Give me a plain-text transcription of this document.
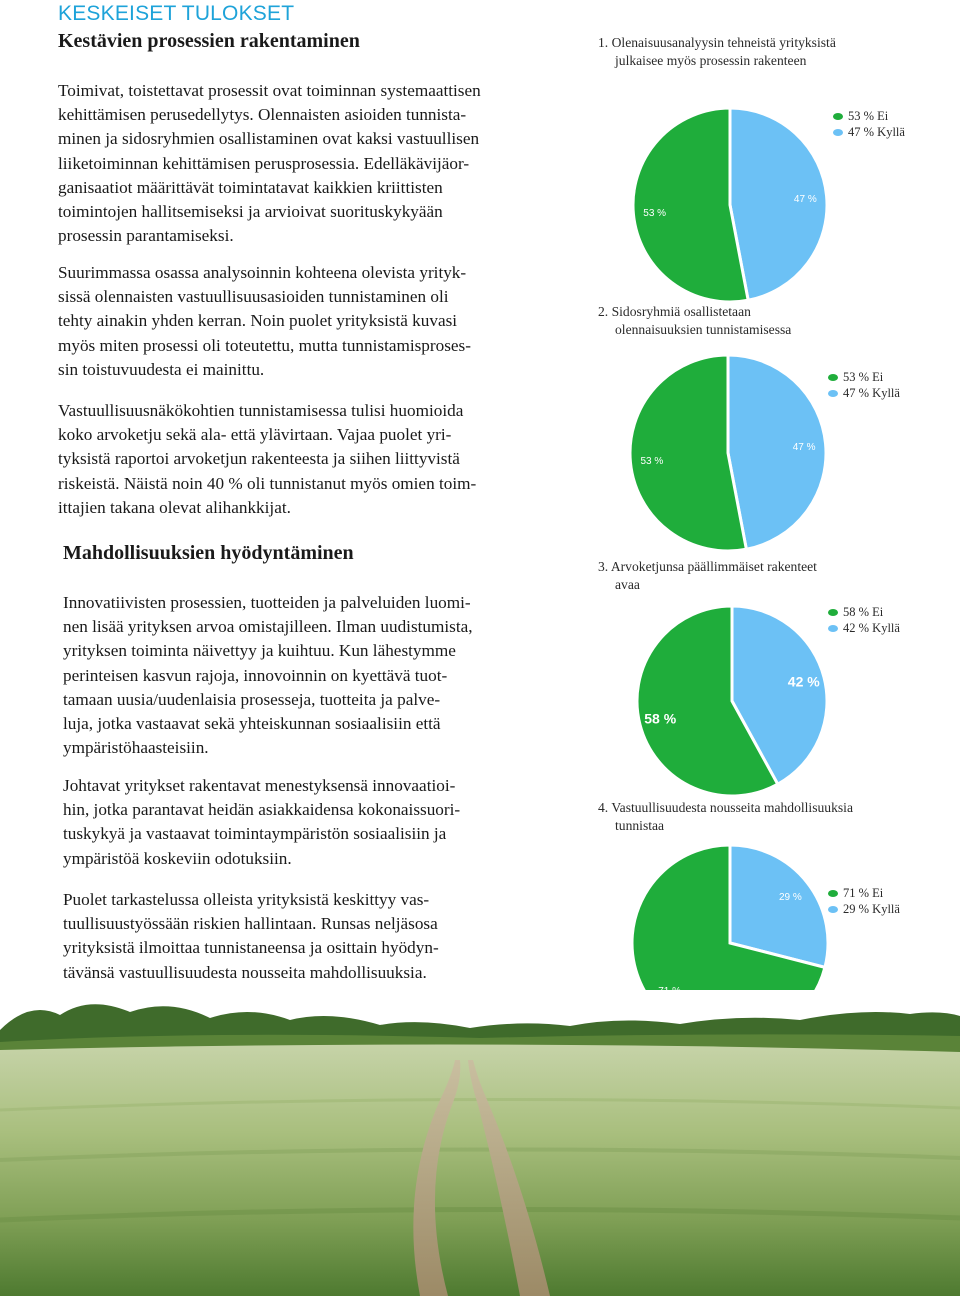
KESKEISET TULOKSET
Kestävien prosessien rakentaminen
Toimivat, toistettavat prosessit ovat toiminnan systemaattisen
kehittämisen perusedellytys. Olennaisten asioiden tunnista-
minen ja sidosryhmien osallistaminen ovat kaksi vastuullisen
liiketoiminnan kehittämisen perusprosessia. Edelläkävijäor-
ganisaatiot määrittävät toimintatavat kaikkien kriittisten
toimintojen hallitsemiseksi ja arvioivat suorituskykyään
prosessin parantamiseksi.
Suurimmassa osassa analysoinnin kohteena olevista yrityk-
sissä olennaisten vastuullisuusasioiden tunnistaminen oli
tehty ainakin yhden kerran. Noin puolet yrityksistä kuvasi
myös miten prosessi oli toteutettu, mutta tunnistamisproses-
sin toistuvuudesta ei mainittu.
Vastuullisuusnäkökohtien tunnistamisessa tulisi huomioida
koko arvoketju sekä ala- että ylävirtaan. Vajaa puolet yri-
tyksistä raportoi arvoketjun rakenteesta ja siihen liittyvistä
riskeistä. Näistä noin 40 % oli tunnistanut myös omien toim-
ittajien takana olevat alihankkijat.
Mahdollisuuksien hyödyntäminen
Innovatiivisten prosessien, tuotteiden ja palveluiden luomi-
nen lisää yrityksen arvoa omistajilleen. Ilman uudistumista,
yrityksen toiminta näivettyy ja kuihtuu. Kun lähestymme
perinteisen kasvun rajoja, innovoinnin on kyettävä tuot-
tamaan uusia/uudenlaisia prosesseja, tuotteita ja palve-
luja, jotka vastaavat sekä yhteiskunnan sosiaalisiin että
ympäristöhaasteisiin.
Johtavat yritykset rakentavat menestyksensä innovaatioi-
hin, jotka parantavat heidän asiakkaidensa kokonaissuori-
tuskykyä ja vastaavat toimintaympäristön sosiaalisiin ja
ympäristöä koskeviin odotuksiin.
Puolet tarkastelussa olleista yrityksistä keskittyy vas-
tuullisuustyössään riskien hallintaan. Runsas neljäsosa
yrityksistä ilmoittaa tunnistaneensa ja osittain hyödyn-
tävänsä vastuullisuudesta nousseita mahdollisuuksia.
1. Olenaisuusanalyysin tehneistä yrityksistä
julkaisee myös prosessin rakenteen
47 %
53 %
53 % Ei
47 % Kyllä
2. Sidosryhmiä osallistetaan
olennaisuuksien tunnistamisessa
47 %
53 %
53 % Ei
47 % Kyllä
3. Arvoketjunsa päällimmäiset rakenteet
avaa
42 %
58 %
58 % Ei
42 % Kyllä
4. Vastuullisuudesta nousseita mahdollisuuksia
tunnistaa
29 %	71 % Ei
29 % Kyllä
